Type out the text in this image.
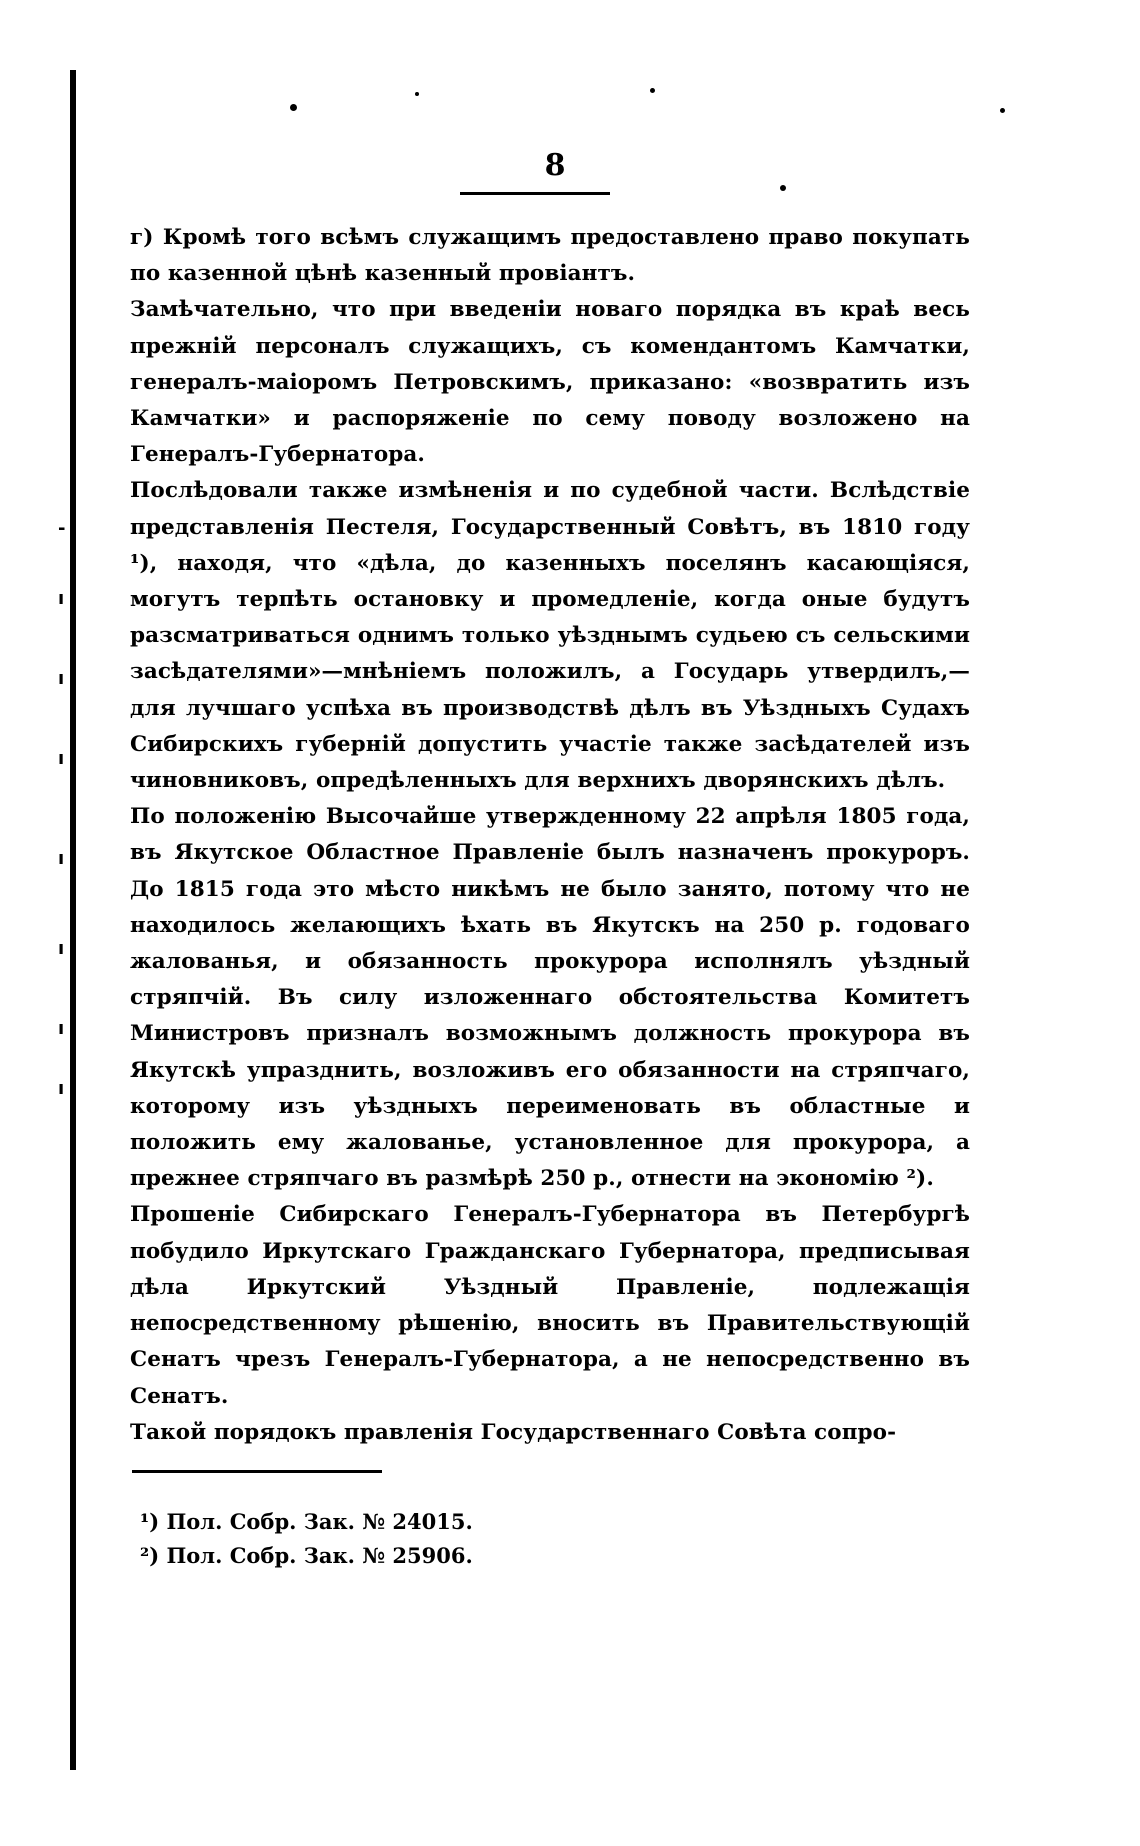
-
ı
ı
ı
ı
ı
ı
ı
8

г) Кромѣ того всѣмъ служащимъ предоставлено право покупать по казенной цѣнѣ казенный провіантъ.

Замѣчательно, что при введеніи новаго порядка въ краѣ весь прежній персоналъ служащихъ, съ комендантомъ Камчатки, генералъ-маіоромъ Петровскимъ, приказано: «возвратить изъ Камчатки» и распоряженіе по сему поводу возложено на Генералъ-Губернатора.

Послѣдовали также измѣненія и по судебной части. Вслѣдствіе представленія Пестеля, Государственный Совѣтъ, въ 1810 году ¹), находя, что «дѣла, до казенныхъ поселянъ касающіяся, могутъ терпѣть остановку и промедленіе, когда оные будутъ разсматриваться однимъ только уѣзднымъ судьею съ сельскими засѣдателями»—мнѣніемъ положилъ, а Государь утвердилъ,—для лучшаго успѣха въ производствѣ дѣлъ въ Уѣздныхъ Судахъ Сибирскихъ губерній допустить участіе также засѣдателей изъ чиновниковъ, опредѣленныхъ для верхнихъ дворянскихъ дѣлъ.

По положенію Высочайше утвержденному 22 апрѣля 1805 года, въ Якутское Областное Правленіе былъ назначенъ прокуроръ. До 1815 года это мѣсто никѣмъ не было занято, потому что не находилось желающихъ ѣхать въ Якутскъ на 250 р. годоваго жалованья, и обязанность прокурора исполнялъ уѣздный стряпчій. Въ силу изложеннаго обстоятельства Комитетъ Министровъ призналъ возможнымъ должность прокурора въ Якутскѣ упразднить, возложивъ его обязанности на стряпчаго, которому изъ уѣздныхъ переименовать въ областные и положить ему жалованье, установленное для прокурора, а прежнее стряпчаго въ размѣрѣ 250 р., отнести на экономію ²).

Прошеніе Сибирскаго Генералъ-Губернатора въ Петербургѣ побудило Иркутскаго Гражданскаго Губернатора, предписывая дѣла Иркутский Уѣздный Правленіе, подлежащія непосредственному рѣшенію, вносить въ Правительствующій Сенатъ чрезъ Генералъ-Губернатора, а не непосредственно въ Сенатъ.

Такой порядокъ правленія Государственнаго Совѣта сопро-

¹) Пол. Собр. Зак. № 24015.
²) Пол. Собр. Зак. № 25906.
